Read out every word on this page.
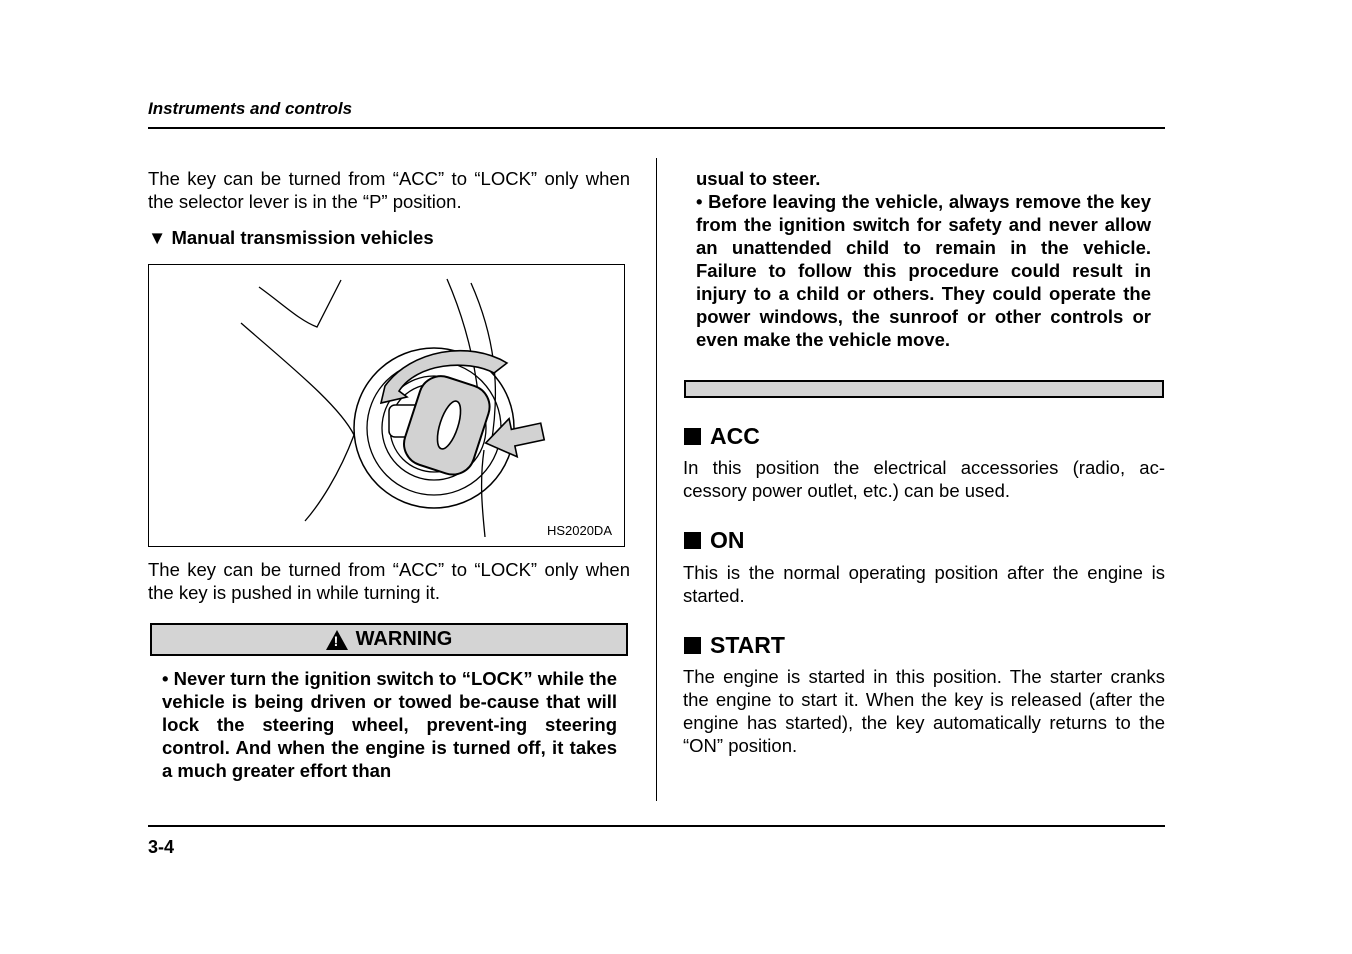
Instruments and controls
The key can be turned from “ACC” to “LOCK” only when the selector lever is in the “P” position.
▼ Manual transmission vehicles
HS2020DA
The key can be turned from “ACC” to “LOCK” only when the key is pushed in while turning it.
! WARNING
• Never turn the ignition switch to “LOCK” while the vehicle is being driven or towed be-cause that will lock the steering wheel, prevent-ing steering control. And when the engine is turned off, it takes a much greater effort than
usual to steer.
• Before leaving the vehicle, always remove the key from the ignition switch for safety and never allow an unattended child to remain in the vehicle. Failure to follow this procedure could result in injury to a child or others. They could operate the power windows, the sunroof or other controls or even make the vehicle move.
ACC
In this position the electrical accessories (radio, ac-cessory power outlet, etc.) can be used.
ON
This is the normal operating position after the engine is started.
START
The engine is started in this position. The starter cranks the engine to start it. When the key is released (after the engine has started), the key automatically returns to the “ON” position.
3-4
